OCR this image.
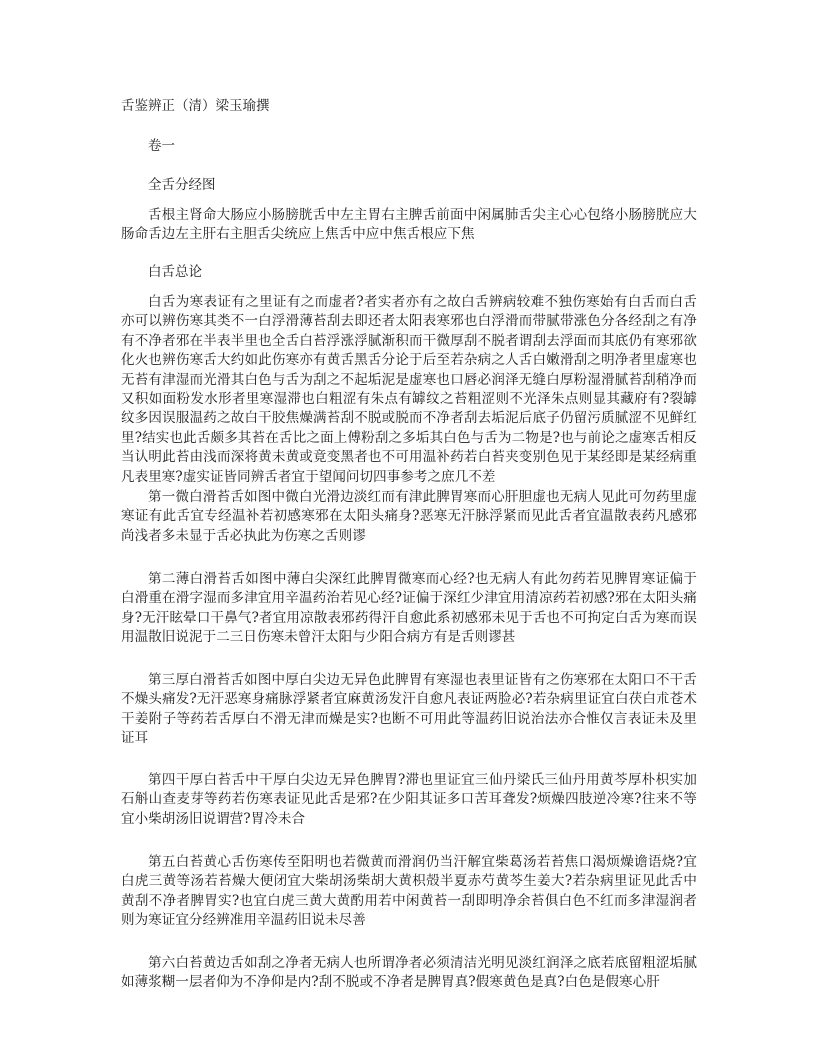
舌鉴辨正（清）梁玉瑜撰
卷一
全舌分经图
舌根主肾命大肠应小肠膀胱舌中左主胃右主脾舌前面中闲属肺舌尖主心心包络小肠膀胱应大肠命舌边左主肝右主胆舌尖统应上焦舌中应中焦舌根应下焦
白舌总论
白舌为寒表证有之里证有之而虚者?者实者亦有之故白舌辨病较难不独伤寒始有白舌而白舌亦可以辨伤寒其类不一白浮滑薄苔刮去即还者太阳表寒邪也白浮滑而带腻带涨色分各经刮之有净有不净者邪在半表半里也全舌白苔浮涨浮腻渐积而干微厚刮不脱者谓刮去浮面而其底仍有寒邪欲化火也辨伤寒舌大约如此伤寒亦有黄舌黑舌分论于后至若杂病之人舌白嫩滑刮之明净者里虚寒也无苔有津湿而光滑其白色与舌为刮之不起垢泥是虚寒也口唇必润泽无缝白厚粉湿滑腻苔刮稍净而又积如面粉发水形者里寒湿滞也白粗涩有朱点有罅纹之苔粗涩则不光泽朱点则显其藏府有?裂罅纹多因误服温药之故白干胶焦燥满苔刮不脱或脱而不净者刮去垢泥后底子仍留污质腻涩不见鲜红里?结实也此舌颇多其苔在舌比之面上傅粉刮之多垢其白色与舌为二物是?也与前论之虚寒舌相反当认明此苔由浅而深将黄未黄或竟变黑者也不可用温补药若白苔夹变别色见于某经即是某经病重凡表里寒?虚实证皆同辨舌者宜于望闻问切四事参考之庶几不差
第一微白滑苔舌如图中微白光滑边淡红而有津此脾胃寒而心肝胆虚也无病人见此可勿药里虚寒证有此舌宜专经温补若初感寒邪在太阳头痛身?恶寒无汗脉浮紧而见此舌者宜温散表药凡感邪尚浅者多未显于舌必执此为伤寒之舌则谬
第二薄白滑苔舌如图中薄白尖深红此脾胃微寒而心经?也无病人有此勿药若见脾胃寒证偏于白滑重在滑字湿而多津宜用辛温药治若见心经?证偏于深红少津宜用清凉药若初感?邪在太阳头痛身?无汗眩晕口干鼻气?者宜用凉散表邪药得汗自愈此系初感邪未见于舌也不可拘定白舌为寒而误用温散旧说泥于二三日伤寒未曾汗太阳与少阳合病方有是舌则谬甚
第三厚白滑苔舌如图中厚白尖边无异色此脾胃有寒湿也表里证皆有之伤寒邪在太阳口不干舌不燥头痛发?无汗恶寒身痛脉浮紧者宜麻黄汤发汗自愈凡表证两脸必?若杂病里证宜白茯白朮苍术干姜附子等药若舌厚白不滑无津而燥是实?也断不可用此等温药旧说治法亦合惟仅言表证未及里证耳
第四干厚白苔舌中干厚白尖边无异色脾胃?滞也里证宜三仙丹梁氏三仙丹用黄芩厚朴枳实加石斛山查麦芽等药若伤寒表证见此舌是邪?在少阳其证多口苦耳聋发?烦燥四肢逆冷寒?往来不等宜小柴胡汤旧说谓营?胃冷未合
第五白苔黄心舌伤寒传至阳明也若微黄而滑润仍当汗解宜柴葛汤若苔焦口渴烦燥谵语烧?宜白虎三黄等汤若苔燥大便闭宜大柴胡汤柴胡大黄枳殻半夏赤芍黄芩生姜大?若杂病里证见此舌中黄刮不净者脾胃实?也宜白虎三黄大黄酌用若中闲黄苔一刮即明净余苔俱白色不红而多津湿润者则为寒证宜分经辨准用辛温药旧说未尽善
第六白苔黄边舌如刮之净者无病人也所谓净者必须清洁光明见淡红润泽之底若底留粗涩垢腻如薄浆糊一层者仰为不净仰是内?刮不脱或不净者是脾胃真?假寒黄色是真?白色是假寒心肝
